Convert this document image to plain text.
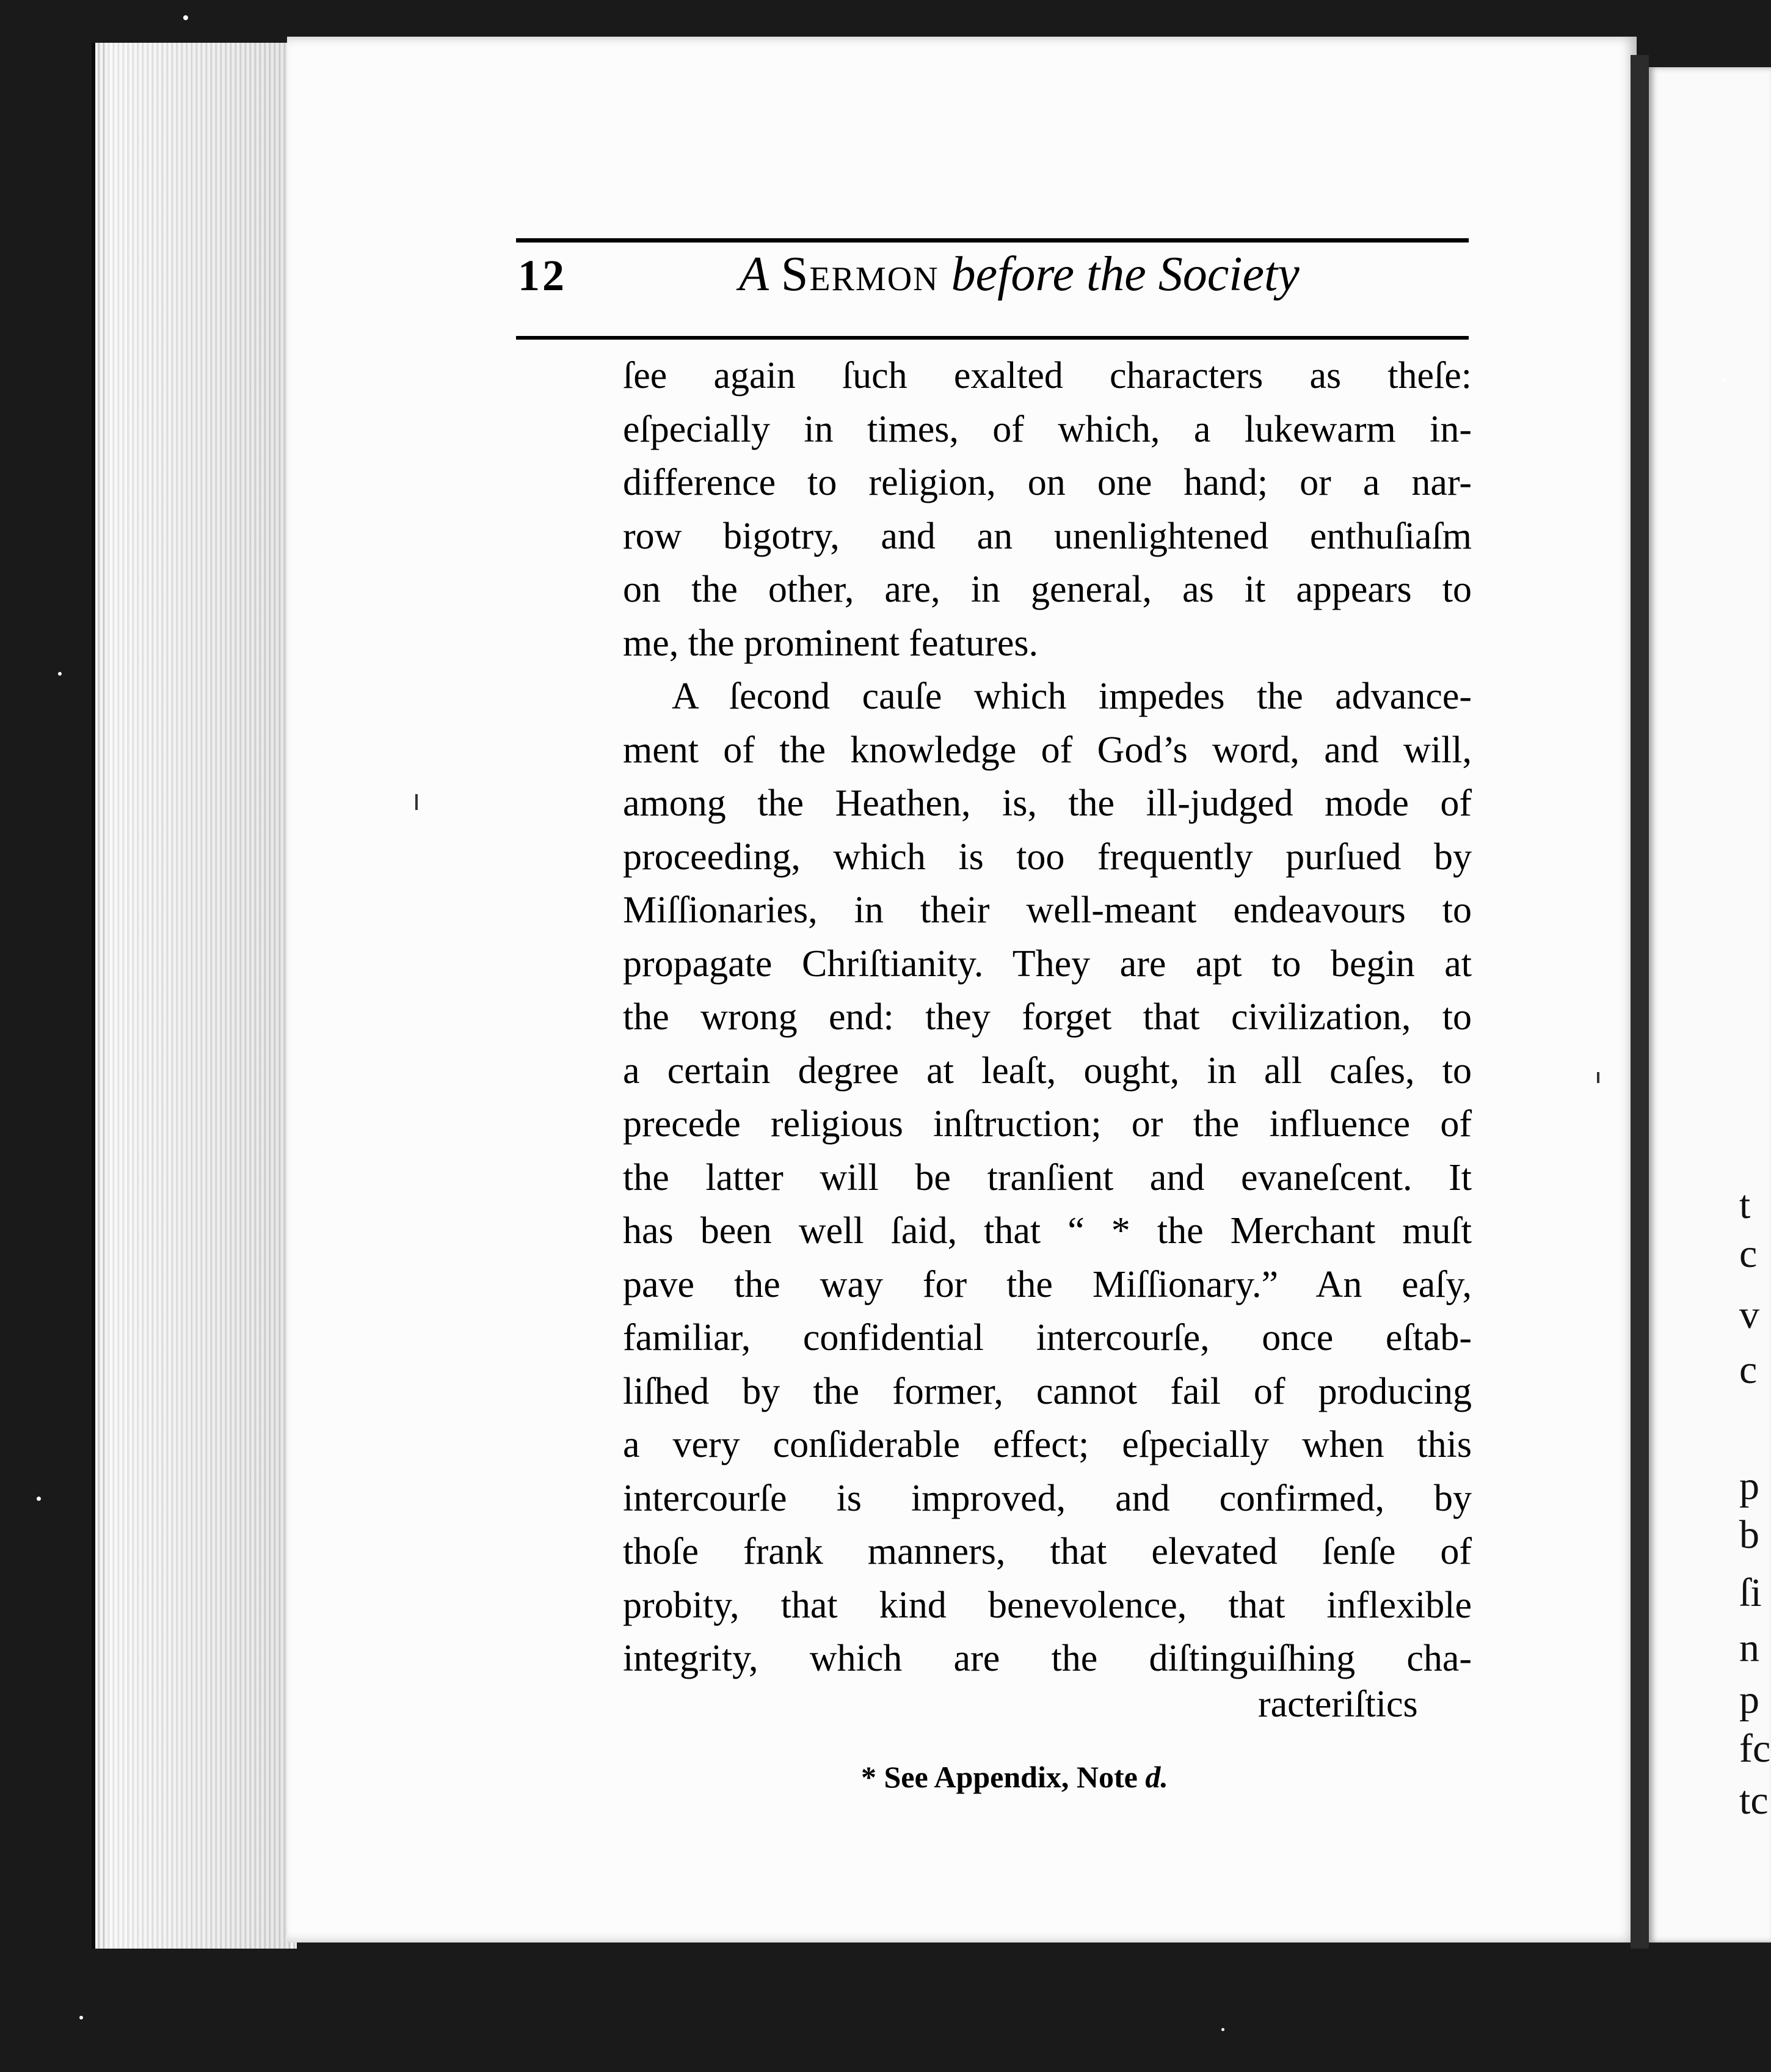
t
c
v
c
p
b
ſi
n
p
fc
tc
12	A Sermon before the Society
ſee again ſuch exalted characters as theſe:
eſpecially in times, of which, a lukewarm in-
difference to religion, on one hand; or a nar-
row bigotry, and an unenlightened enthuſiaſm
on the other, are, in general, as it appears to
me, the prominent features.
A ſecond cauſe which impedes the advance-
ment of the knowledge of God’s word, and will,
among the Heathen, is, the ill-judged mode of
proceeding, which is too frequently purſued by
Miſſionaries, in their well-meant endeavours to
propagate Chriſtianity. They are apt to begin at
the wrong end: they forget that civilization, to
a certain degree at leaſt, ought, in all caſes, to
precede religious inſtruction; or the influence of
the latter will be tranſient and evaneſcent. It
has been well ſaid, that “ * the Merchant muſt
pave the way for the Miſſionary.” An eaſy,
familiar, confidential intercourſe, once eſtab-
liſhed by the former, cannot fail of producing
a very conſiderable effect; eſpecially when this
intercourſe is improved, and confirmed, by
thoſe frank manners, that elevated ſenſe of
probity, that kind benevolence, that inflexible
integrity, which are the diſtinguiſhing cha-
racteriſtics
* See Appendix, Note d.
